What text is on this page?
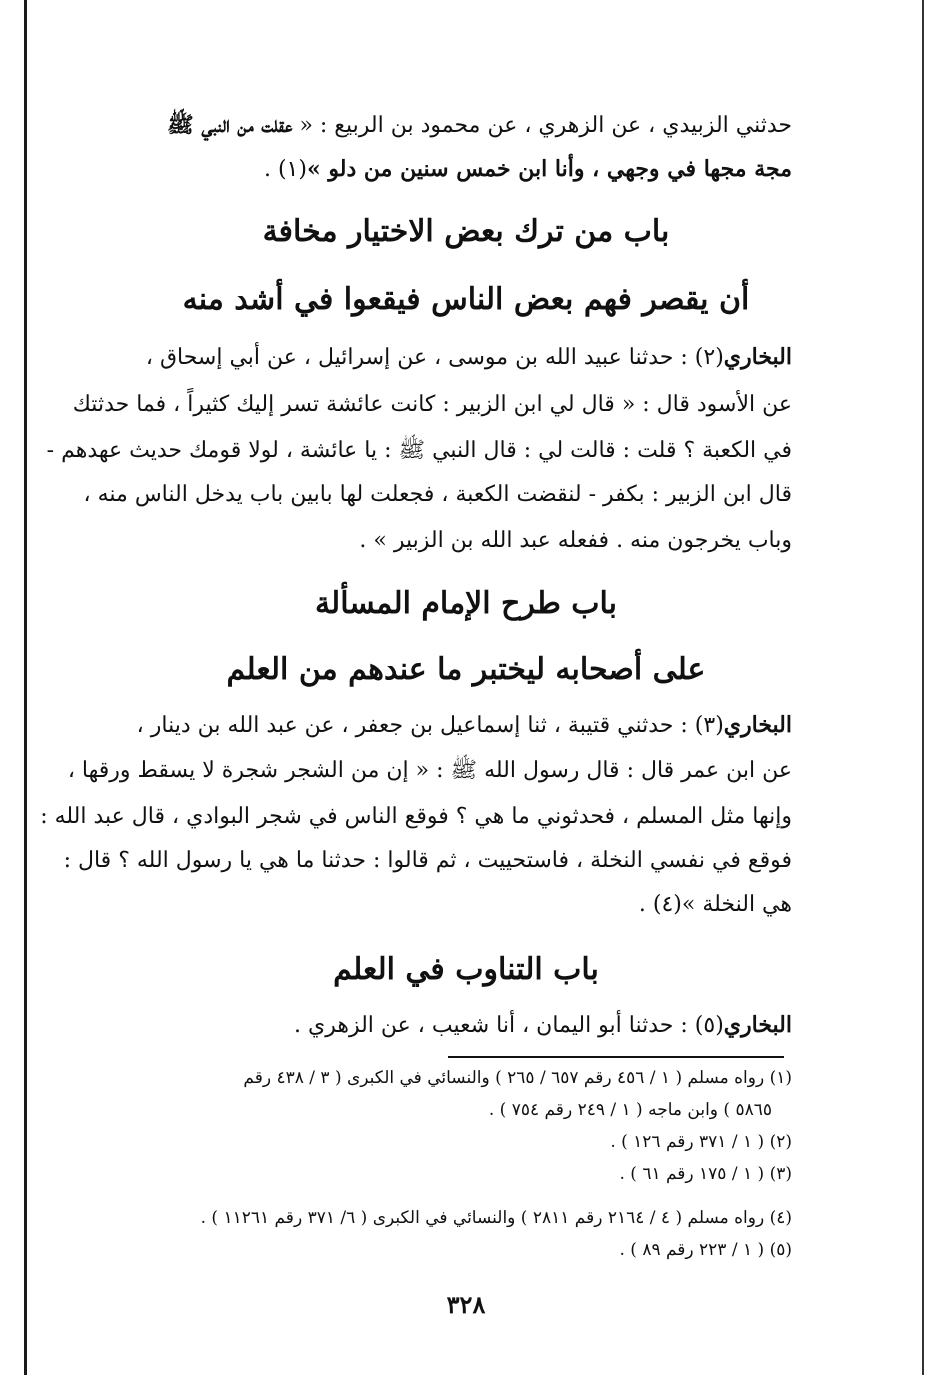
حدثني الزبيدي ، عن الزهري ، عن محمود بن الربيع : « عقلت من النبي ﷺ
مجة مجها في وجهي ، وأنا ابن خمس سنين من دلو »(١) .
باب من ترك بعض الاختيار مخافة
أن يقصر فهم بعض الناس فيقعوا في أشد منه
البخاري(٢) : حدثنا عبيد الله بن موسى ، عن إسرائيل ، عن أبي إسحاق ،
عن الأسود قال : « قال لي ابن الزبير : كانت عائشة تسر إليك كثيراً ، فما حدثتك
في الكعبة ؟ قلت : قالت لي : قال النبي ﷺ : يا عائشة ، لولا قومك حديث عهدهم -
قال ابن الزبير : بكفر - لنقضت الكعبة ، فجعلت لها بابين باب يدخل الناس منه ،
وباب يخرجون منه . ففعله عبد الله بن الزبير » .
باب طرح الإمام المسألة
على أصحابه ليختبر ما عندهم من العلم
البخاري(٣) : حدثني قتيبة ، ثنا إسماعيل بن جعفر ، عن عبد الله بن دينار ،
عن ابن عمر قال : قال رسول الله ﷺ : « إن من الشجر شجرة لا يسقط ورقها ،
وإنها مثل المسلم ، فحدثوني ما هي ؟ فوقع الناس في شجر البوادي ، قال عبد الله :
فوقع في نفسي النخلة ، فاستحييت ، ثم قالوا : حدثنا ما هي يا رسول الله ؟ قال :
هي النخلة »(٤) .
باب التناوب في العلم
البخاري(٥) : حدثنا أبو اليمان ، أنا شعيب ، عن الزهري .
(١) رواه مسلم ( ١ / ٤٥٦ رقم ٦٥٧ / ٢٦٥ ) والنسائي في الكبرى ( ٣ / ٤٣٨ رقم
٥٨٦٥ ) وابن ماجه ( ١ / ٢٤٩ رقم ٧٥٤ ) .
(٢) ( ١ / ٣٧١ رقم ١٢٦ ) .
(٣) ( ١ / ١٧٥ رقم ٦١ ) .
(٤) رواه مسلم ( ٤ / ٢١٦٤ رقم ٢٨١١ ) والنسائي في الكبرى ( ٦/ ٣٧١ رقم ١١٢٦١ ) .
(٥) ( ١ / ٢٢٣ رقم ٨٩ ) .
٣٢٨
